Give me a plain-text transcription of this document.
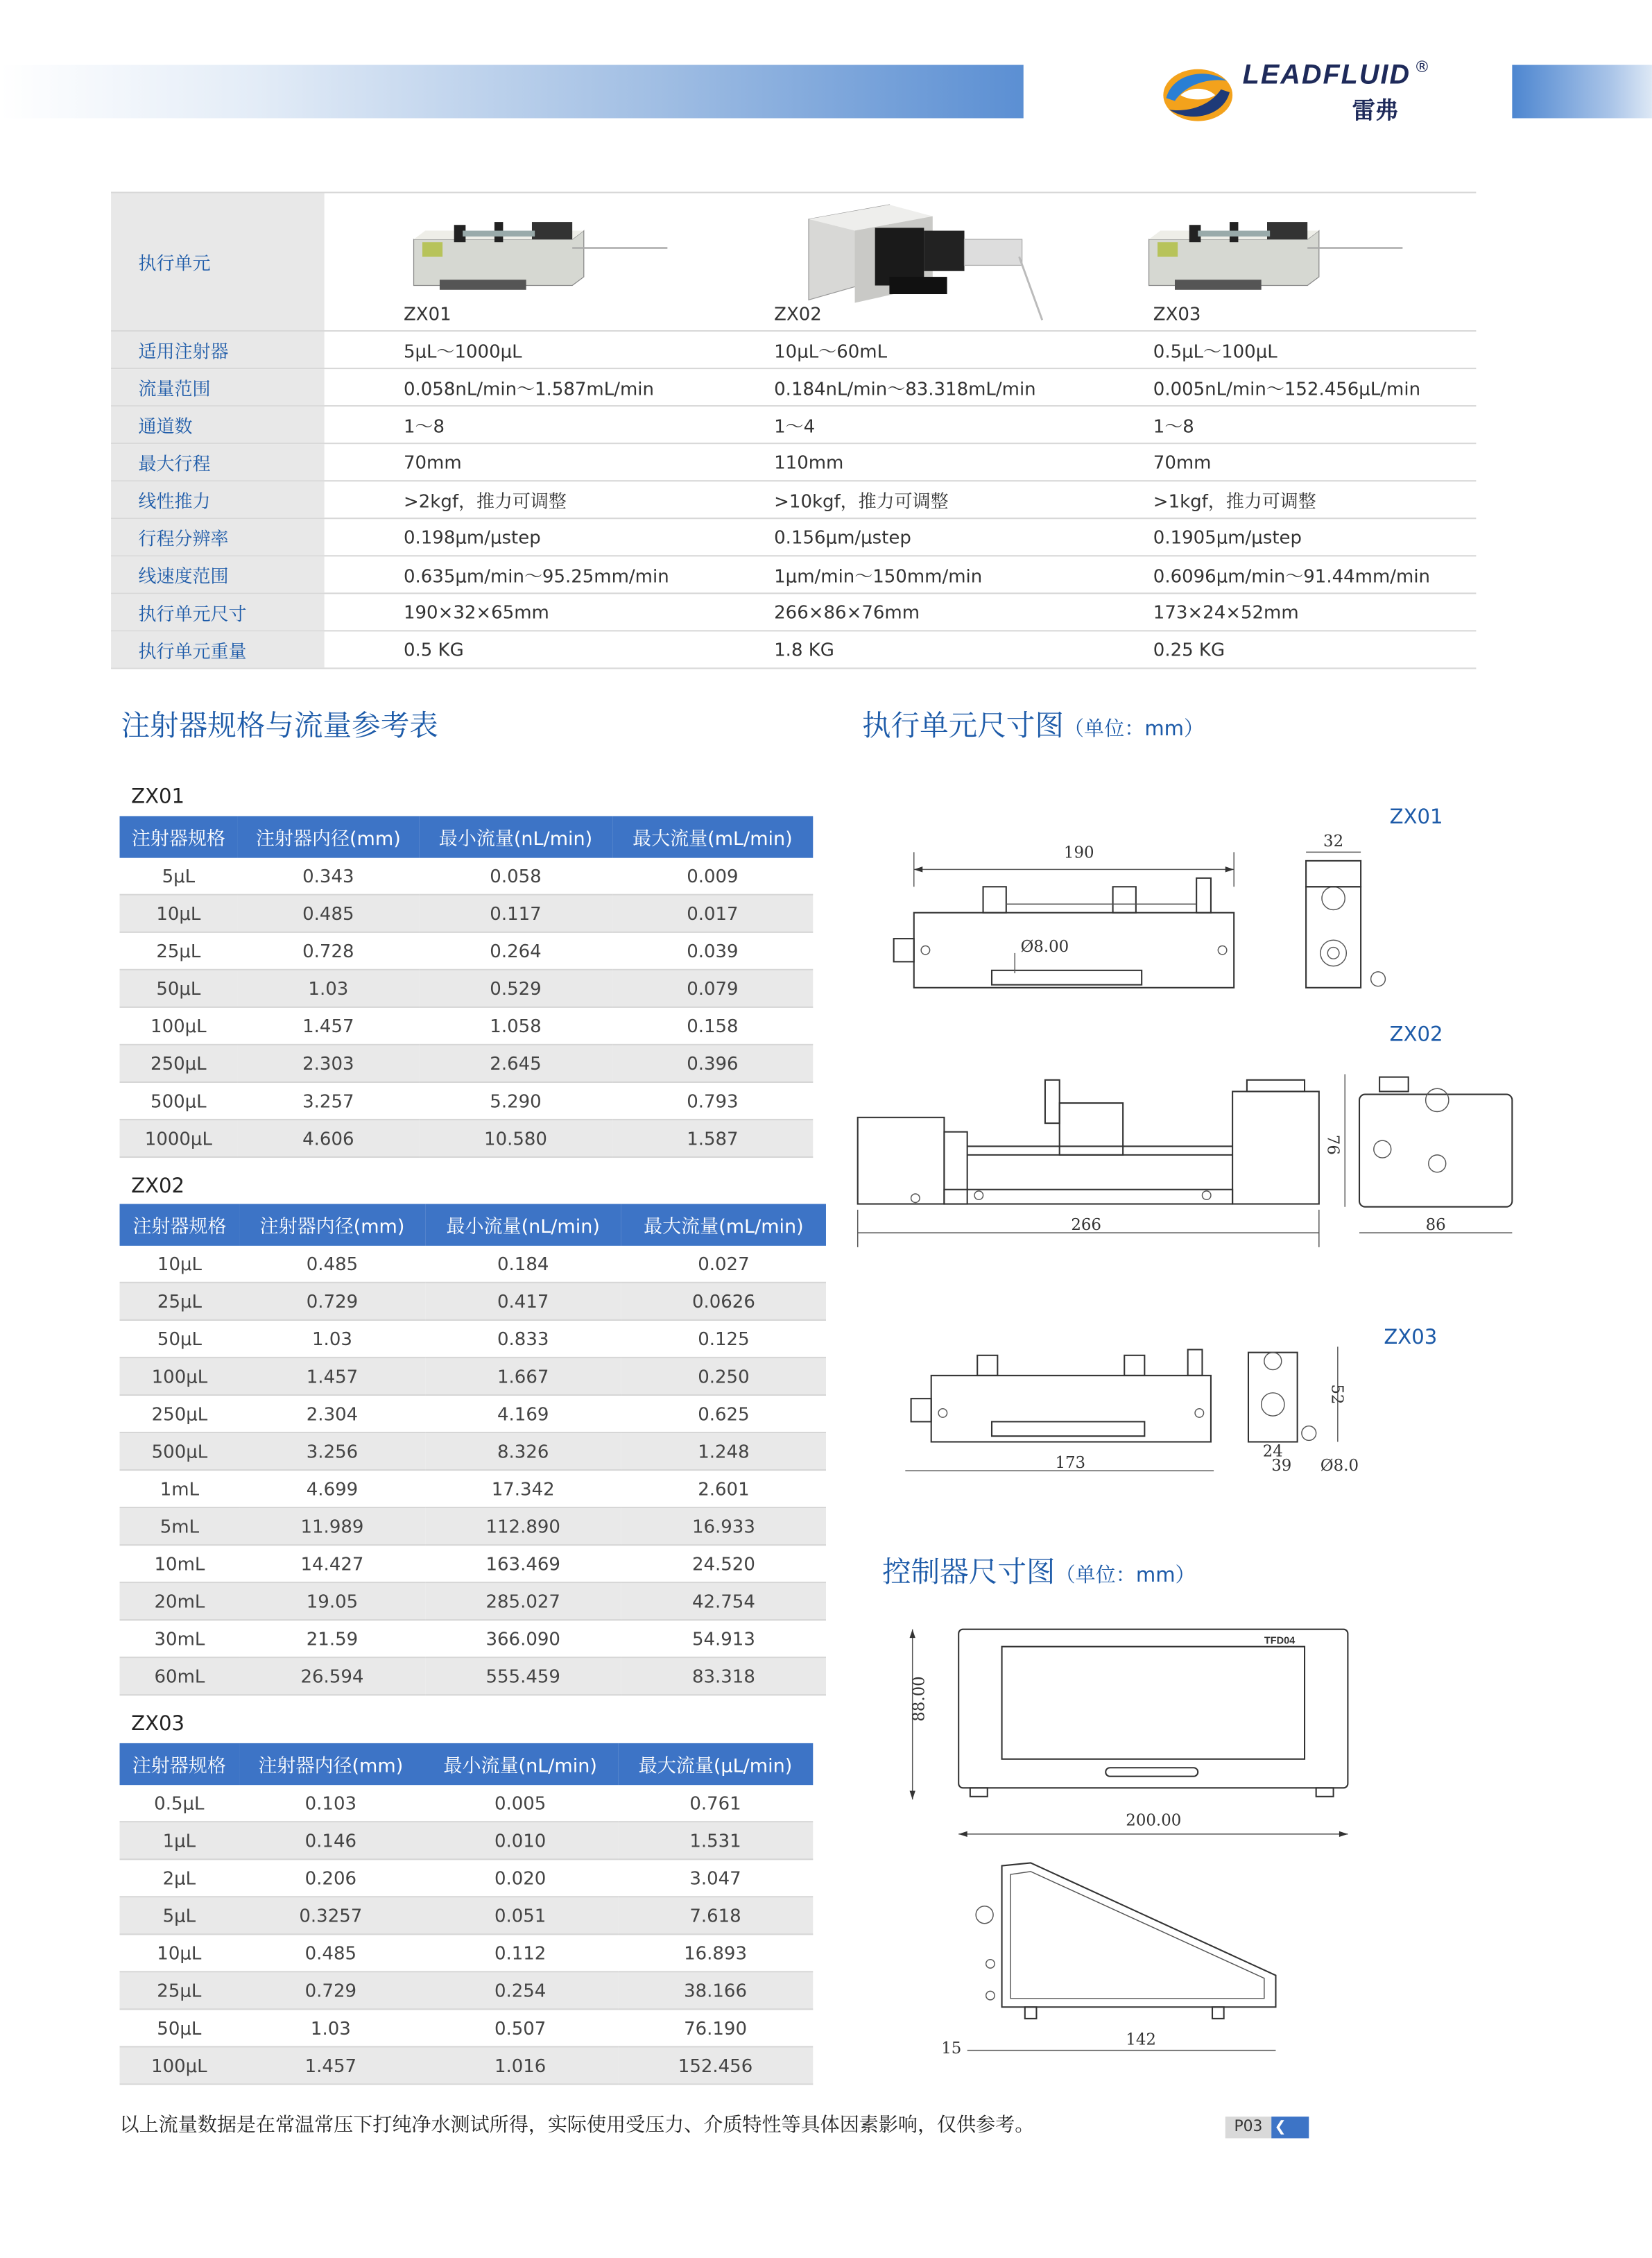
LEADFLUID ®
雷弗
执行单元
ZX01	ZX02	ZX03
适用注射器	5μL～1000μL	10μL～60mL	0.5μL～100μL
流量范围	0.058nL/min～1.587mL/min	0.184nL/min～83.318mL/min	0.005nL/min～152.456μL/min
通道数	1～8	1～4	1～8
最大行程	70mm	110mm	70mm
线性推力	>2kgf，推力可调整	>10kgf，推力可调整	>1kgf，推力可调整
行程分辨率	0.198μm/μstep	0.156μm/μstep	0.1905μm/μstep
线速度范围	0.635μm/min～95.25mm/min	1μm/min～150mm/min	0.6096μm/min～91.44mm/min
执行单元尺寸	190×32×65mm	266×86×76mm	173×24×52mm
执行单元重量	0.5 KG	1.8 KG	0.25 KG
注射器规格与流量参考表	执行单元尺寸图（单位：mm）
ZX01
注射器规格	注射器内径(mm)	最小流量(nL/min)	最大流量(mL/min)
5μL	0.343	0.058	0.009
10μL	0.485	0.117	0.017
25μL	0.728	0.264	0.039
50μL	1.03	0.529	0.079
100μL	1.457	1.058	0.158
250μL	2.303	2.645	0.396
500μL	3.257	5.290	0.793
1000μL	4.606	10.580	1.587
ZX02
注射器规格	注射器内径(mm)	最小流量(nL/min)	最大流量(mL/min)
10μL	0.485	0.184	0.027
25μL	0.729	0.417	0.0626
50μL	1.03	0.833	0.125
100μL	1.457	1.667	0.250
250μL	2.304	4.169	0.625
500μL	3.256	8.326	1.248
1mL	4.699	17.342	2.601
5mL	11.989	112.890	16.933
10mL	14.427	163.469	24.520
20mL	19.05	285.027	42.754
30mL	21.59	366.090	54.913
60mL	26.594	555.459	83.318
ZX03
注射器规格	注射器内径(mm)	最小流量(nL/min)	最大流量(μL/min)
0.5μL	0.103	0.005	0.761
1μL	0.146	0.010	1.531
2μL	0.206	0.020	3.047
5μL	0.3257	0.051	7.618
10μL	0.485	0.112	16.893
25μL	0.729	0.254	38.166
50μL	1.03	0.507	76.190
100μL	1.457	1.016	152.456
以上流量数据是在常温常压下打纯净水测试所得，实际使用受压力、介质特性等具体因素影响，仅供参考。	P03	❮
ZX01
190
Ø8.00
32
ZX02
266
76
86
ZX03
173
52
24
39	Ø8.0
控制器尺寸图（单位：mm）
TFD04
88.00
200.00
15	142
